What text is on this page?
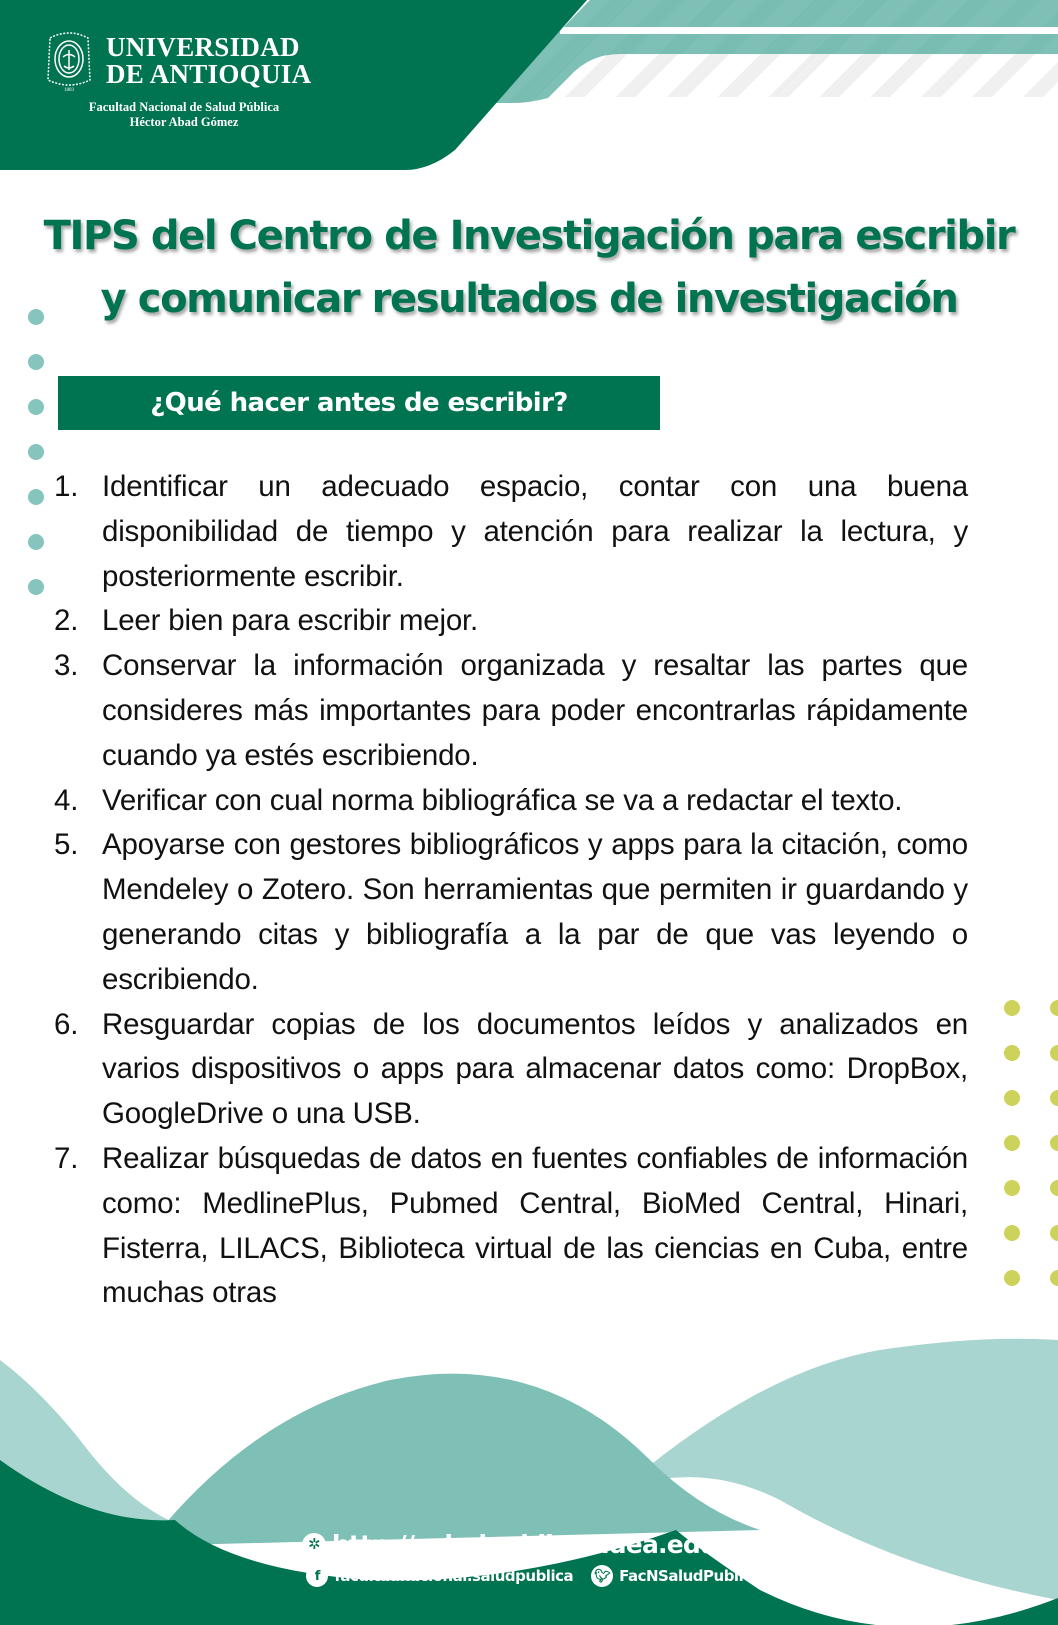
1803
UNIVERSIDAD
DE ANTIOQUIA
Facultad Nacional de Salud Pública
Héctor Abad Gómez
TIPS del Centro de Investigación para escribir
y comunicar resultados de investigación
¿Qué hacer antes de escribir?
1. Identificar un adecuado espacio, contar con una buena disponibilidad de tiempo y atención para realizar la lectura, y posteriormente escribir.
2. Leer bien para escribir mejor.
3. Conservar la información organizada y resaltar las partes que consideres más importantes para poder encontrarlas rápidamente cuando ya estés escribiendo.
4. Verificar con cual norma bibliográfica se va a redactar el texto.
5. Apoyarse con gestores bibliográficos y apps para la citación, como Mendeley o Zotero. Son herramientas que permiten ir guardando y generando citas y bibliografía a la par de que vas leyendo o escribiendo.
6. Resguardar copias de los documentos leídos y analizados en varios dispositivos o apps para almacenar datos como: DropBox, GoogleDrive o una USB.
7. Realizar búsquedas de datos en fuentes confiables de información como: MedlinePlus, Pubmed Central, BioMed Central, Hinari, Fisterra, LILACS, Biblioteca virtual de las ciencias en Cuba, entre muchas otras
✲ http://saludpublica.udea.edu.co
f facultadnacional.saludpublica 🐦︎ FacNSaludPublic
